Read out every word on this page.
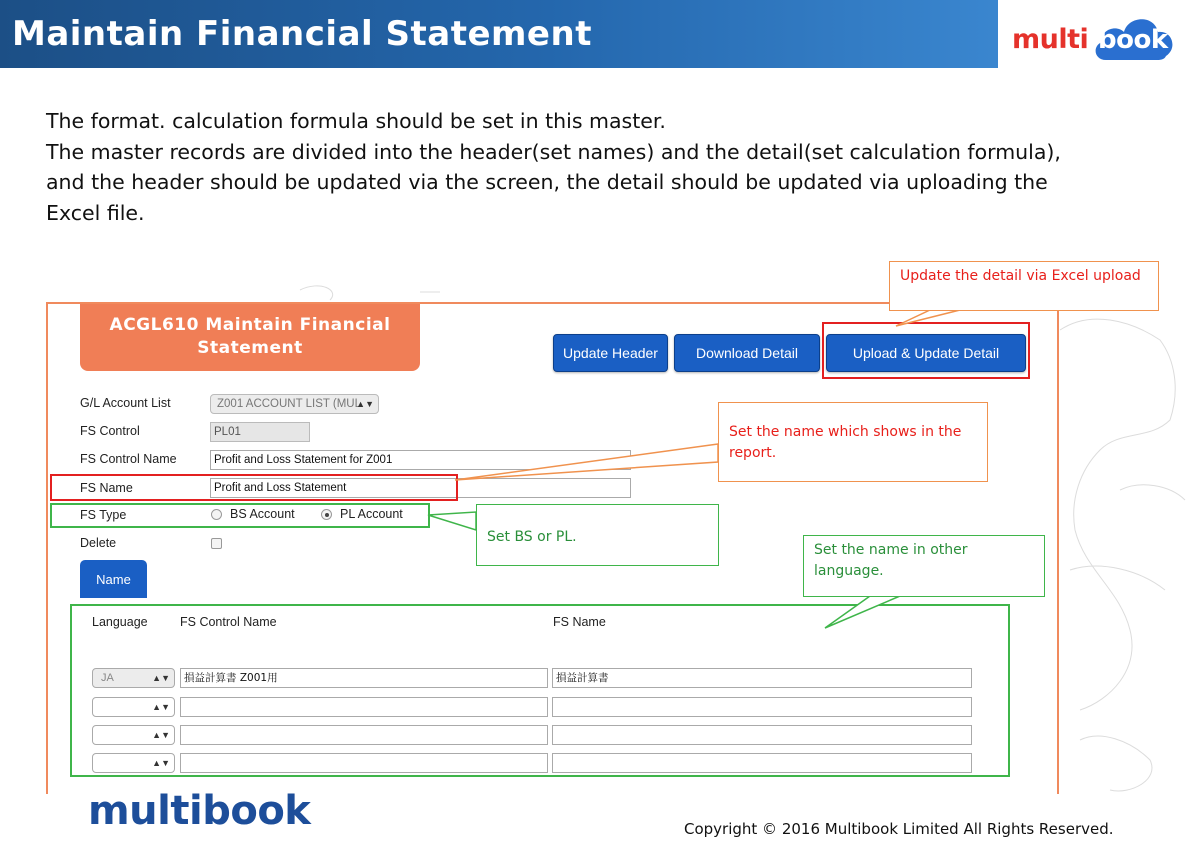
Maintain Financial Statement	multi book

The format. calculation formula should be set in this master.

The master records are divided into the header(set names) and the detail(set calculation formula),

and the header should be updated via the screen, the detail should be updated via uploading the

Excel file.

ACGL610 Maintain Financial
Statement	Update Header	Download Detail	Upload & Update Detail
G/L Account List	Z001 ACCOUNT LIST (MUL
▲▼
FS Control	PL01
FS Control Name	Profit and Loss Statement for Z001
FS Name	Profit and Loss Statement
FS Type	BS Account	PL Account
Delete
Name
Language	FS Control Name	FS Name
JA	▲▼	損益計算書 Z001用	損益計算書
▲▼
▲▼
▲▼
Update the detail via Excel upload
Set the name which shows in the report.
Set BS or PL.
Set the name in other language.
multibook	Copyright © 2016 Multibook Limited All Rights Reserved.
